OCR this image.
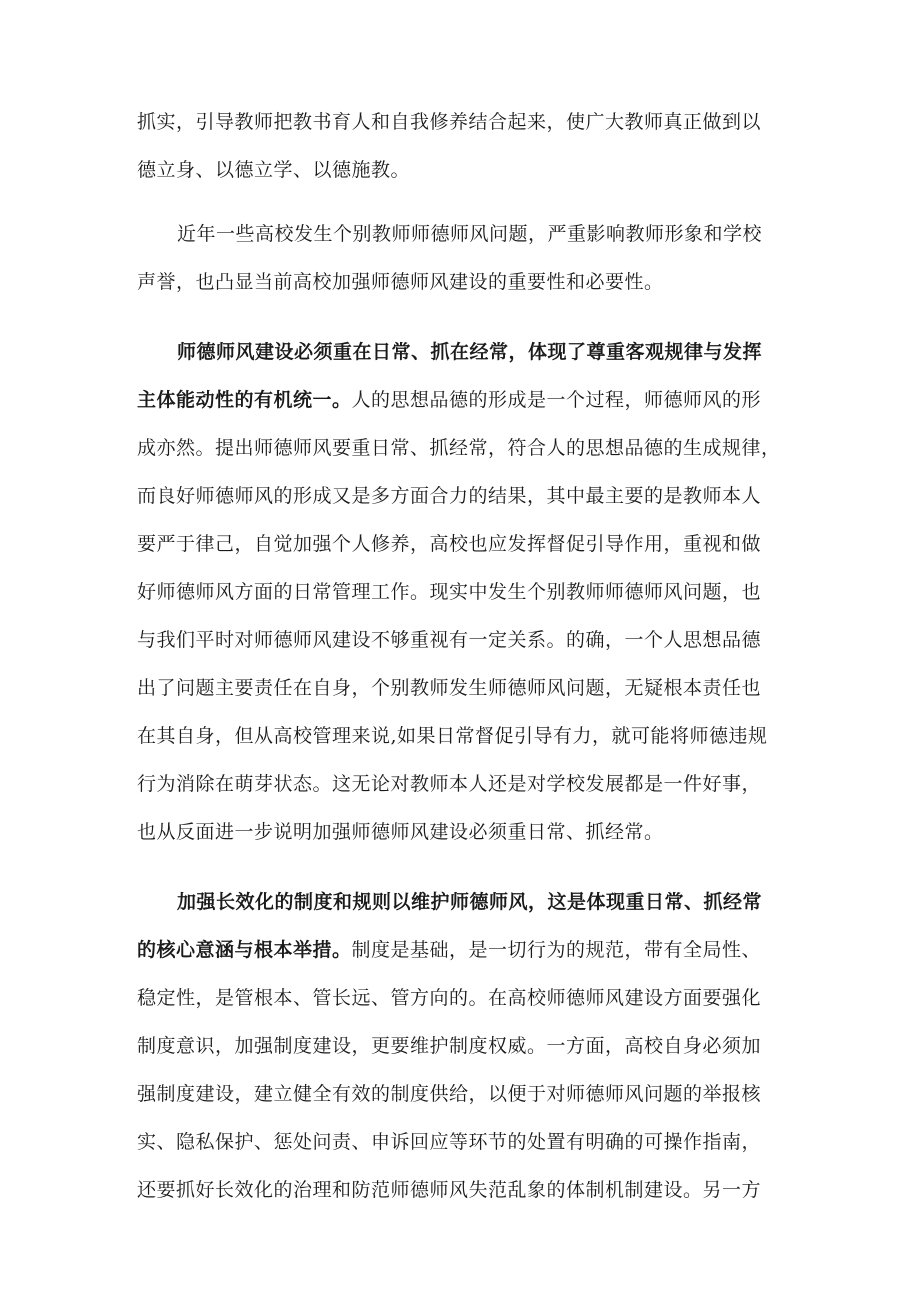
抓实，引导教师把教书育人和自我修养结合起来，使广大教师真正做到以
德立身、以德立学、以德施教。
近年一些高校发生个别教师师德师风问题，严重影响教师形象和学校
声誉，也凸显当前高校加强师德师风建设的重要性和必要性。
师德师风建设必须重在日常、抓在经常，体现了尊重客观规律与发挥
主体能动性的有机统一。人的思想品德的形成是一个过程，师德师风的形
成亦然。提出师德师风要重日常、抓经常，符合人的思想品德的生成规律，
而良好师德师风的形成又是多方面合力的结果，其中最主要的是教师本人
要严于律己，自觉加强个人修养，高校也应发挥督促引导作用，重视和做
好师德师风方面的日常管理工作。现实中发生个别教师师德师风问题，也
与我们平时对师德师风建设不够重视有一定关系。的确，一个人思想品德
出了问题主要责任在自身，个别教师发生师德师风问题，无疑根本责任也
在其自身，但从高校管理来说,如果日常督促引导有力，就可能将师德违规
行为消除在萌芽状态。这无论对教师本人还是对学校发展都是一件好事，
也从反面进一步说明加强师德师风建设必须重日常、抓经常。
加强长效化的制度和规则以维护师德师风，这是体现重日常、抓经常
的核心意涵与根本举措。制度是基础，是一切行为的规范，带有全局性、
稳定性，是管根本、管长远、管方向的。在高校师德师风建设方面要强化
制度意识，加强制度建设，更要维护制度权威。一方面，高校自身必须加
强制度建设，建立健全有效的制度供给，以便于对师德师风问题的举报核
实、隐私保护、惩处问责、申诉回应等环节的处置有明确的可操作指南，
还要抓好长效化的治理和防范师德师风失范乱象的体制机制建设。另一方
